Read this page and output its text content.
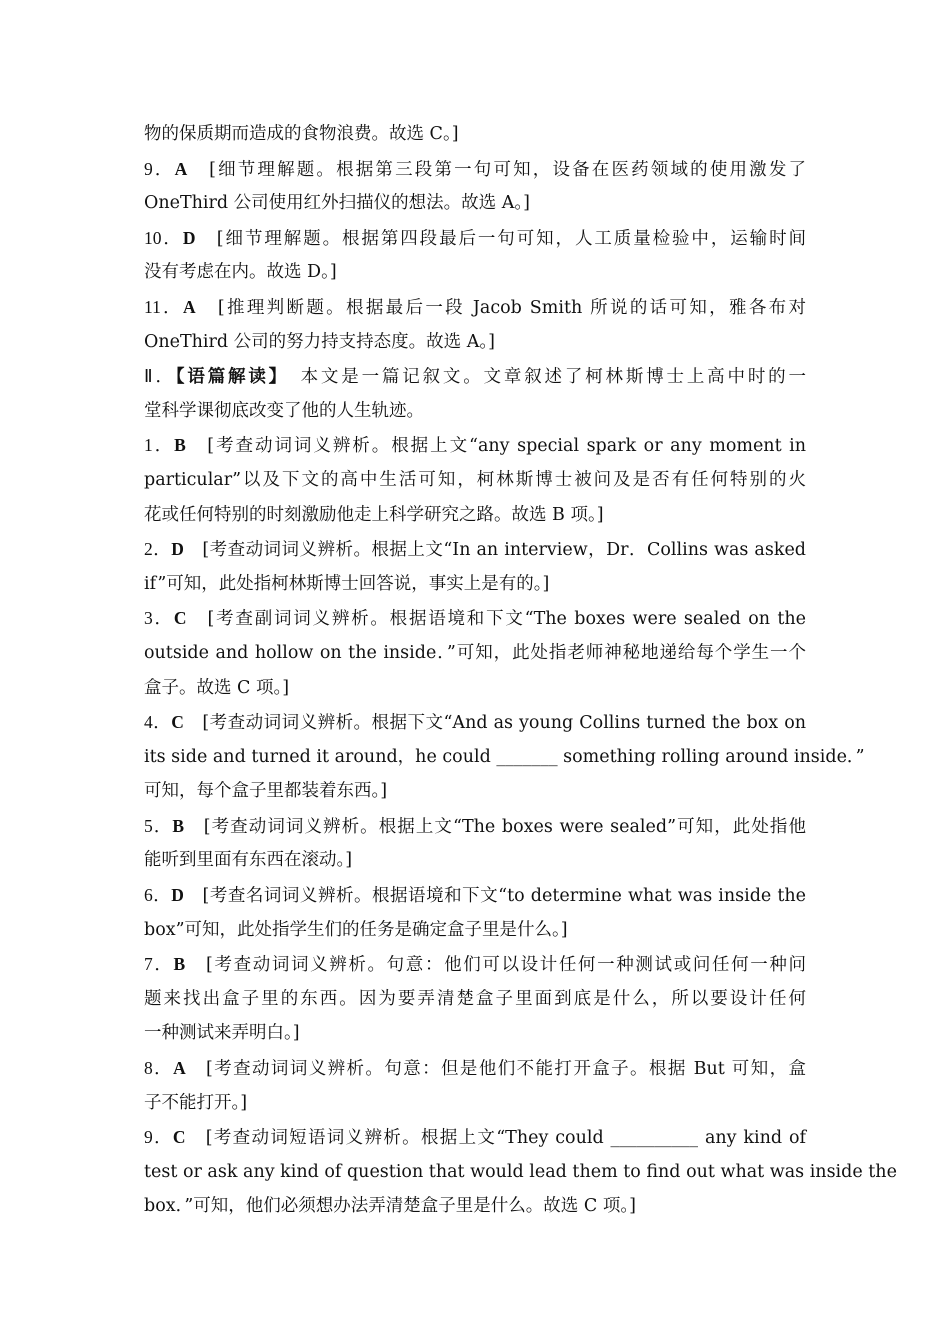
物的保质期而造成的食物浪费。故选 C。]
9．A　[细节理解题。根据第三段第一句可知，设备在医药领域的使用激发了
OneThird 公司使用红外扫描仪的想法。故选 A。]
10．D　[细节理解题。根据第四段最后一句可知，人工质量检验中，运输时间
没有考虑在内。故选 D。]
11．A　[推理判断题。根据最后一段 Jacob Smith 所说的话可知，雅各布对
OneThird 公司的努力持支持态度。故选 A。]
Ⅱ．【语篇解读】　本文是一篇记叙文。文章叙述了柯林斯博士上高中时的一
堂科学课彻底改变了他的人生轨迹。
1．B　[考查动词词义辨析。根据上文“any special spark or any moment in
particular”以及下文的高中生活可知，柯林斯博士被问及是否有任何特别的火
花或任何特别的时刻激励他走上科学研究之路。故选 B 项。]
2．D　[考查动词词义辨析。根据上文“In an interview，Dr．Collins was asked
if”可知，此处指柯林斯博士回答说，事实上是有的。]
3．C　[考查副词词义辨析。根据语境和下文“The boxes were sealed on the
outside and hollow on the inside．”可知，此处指老师神秘地递给每个学生一个
盒子。故选 C 项。]
4．C　[考查动词词义辨析。根据下文“And as young Collins turned the box on
its side and turned it around，he could _______ something rolling around inside．”
可知，每个盒子里都装着东西。]
5．B　[考查动词词义辨析。根据上文“The boxes were sealed”可知，此处指他
能听到里面有东西在滚动。]
6．D　[考查名词词义辨析。根据语境和下文“to determine what was inside the
box”可知，此处指学生们的任务是确定盒子里是什么。]
7．B　[考查动词词义辨析。句意：他们可以设计任何一种测试或问任何一种问
题来找出盒子里的东西。因为要弄清楚盒子里面到底是什么，所以要设计任何
一种测试来弄明白。]
8．A　[考查动词词义辨析。句意：但是他们不能打开盒子。根据 But 可知，盒
子不能打开。]
9．C　[考查动词短语词义辨析。根据上文“They could __________ any kind of
test or ask any kind of question that would lead them to find out what was inside the
box．”可知，他们必须想办法弄清楚盒子里是什么。故选 C 项。]
